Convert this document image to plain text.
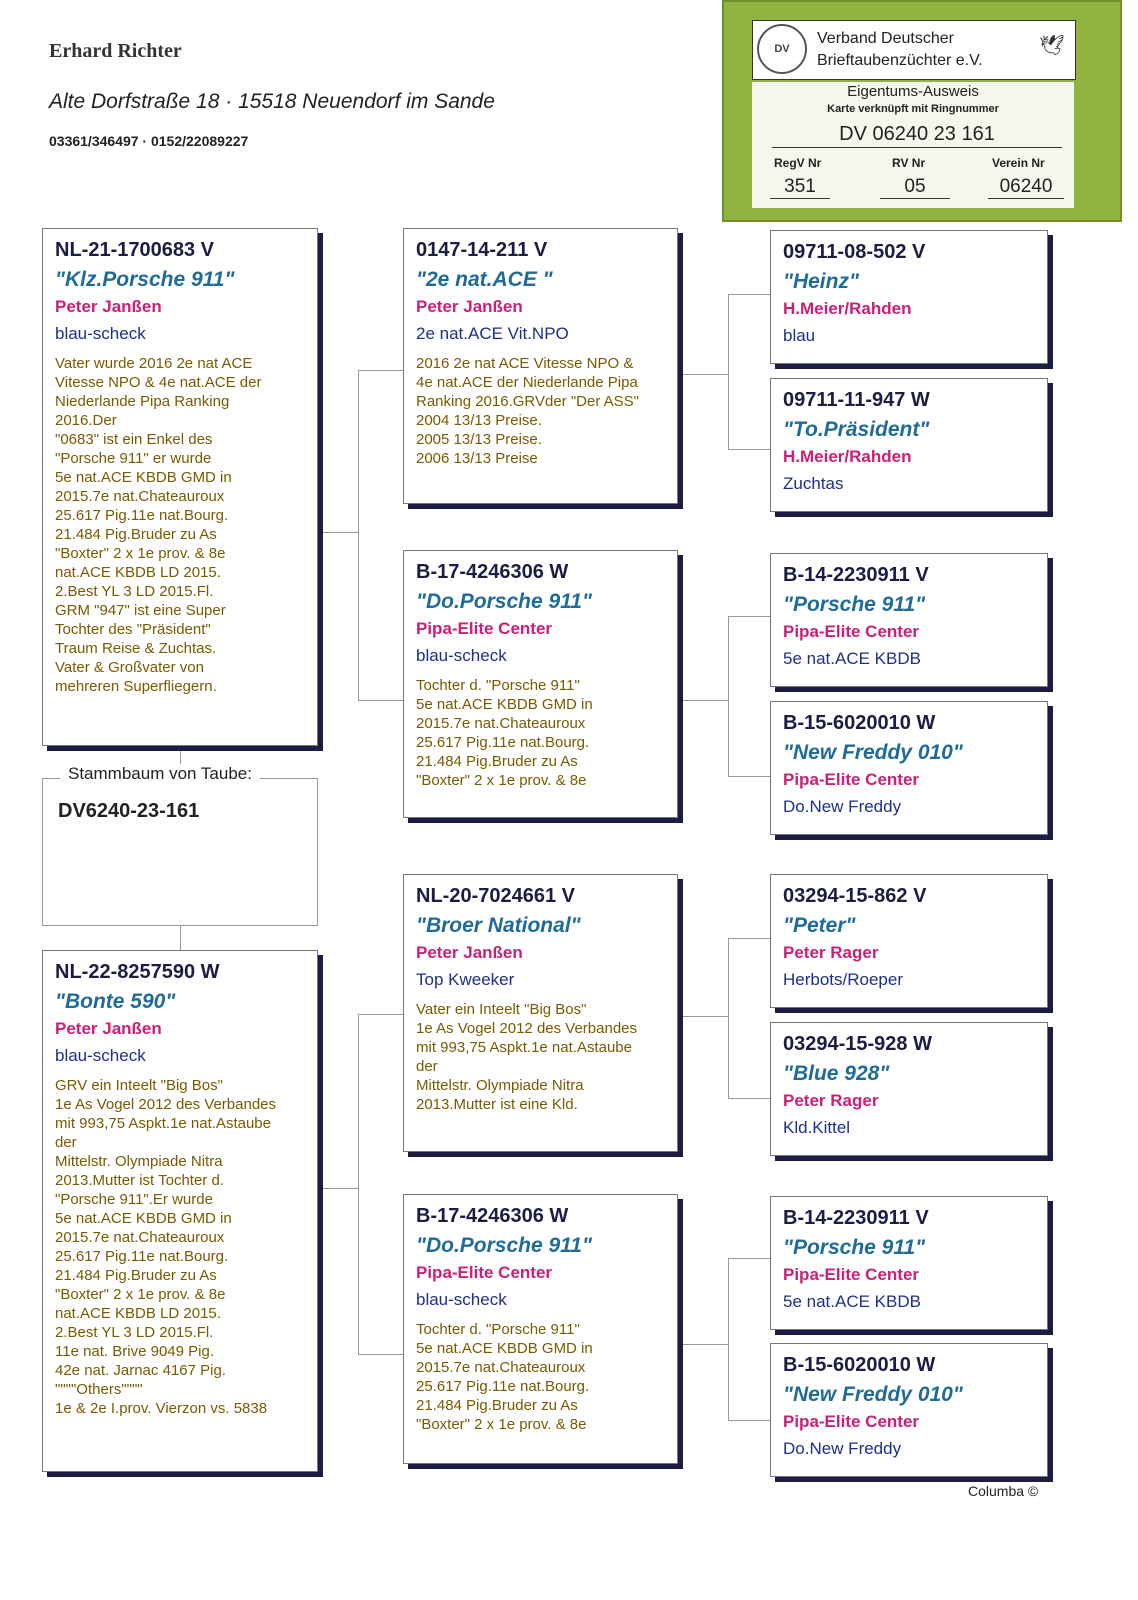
Erhard Richter
Alte Dorfstraße 18 · 15518 Neuendorf im Sande
03361/346497 · 0152/22089227
DV
Verband Deutscher
Brieftaubenzüchter e.V.
🕊
Eigentums-Ausweis
Karte verknüpft mit Ringnummer
DV 06240 23 161
RegV Nr	RV Nr	Verein Nr
351	05	06240
Stammbaum von Taube:
DV6240-23-161
NL-21-1700683 V
"Klz.Porsche 911"
Peter Janßen
blau-scheck
Vater wurde 2016 2e nat ACE
Vitesse NPO & 4e nat.ACE der
Niederlande Pipa Ranking
2016.Der
"0683" ist ein Enkel des
"Porsche 911" er wurde
5e nat.ACE KBDB GMD in
2015.7e nat.Chateauroux
25.617 Pig.11e nat.Bourg.
21.484 Pig.Bruder zu As
"Boxter" 2 x 1e prov. & 8e
nat.ACE KBDB LD 2015.
2.Best YL 3 LD 2015.Fl.
GRM "947" ist eine Super
Tochter des "Präsident"
Traum Reise & Zuchtas.
Vater & Großvater von
mehreren Superfliegern.
NL-22-8257590 W
"Bonte 590"
Peter Janßen
blau-scheck
GRV ein Inteelt "Big Bos"
1e As Vogel 2012 des Verbandes
mit 993,75 Aspkt.1e nat.Astaube
der
Mittelstr. Olympiade Nitra
2013.Mutter ist Tochter d.
"Porsche 911".Er wurde
5e nat.ACE KBDB GMD in
2015.7e nat.Chateauroux
25.617 Pig.11e nat.Bourg.
21.484 Pig.Bruder zu As
"Boxter" 2 x 1e prov. & 8e
nat.ACE KBDB LD 2015.
2.Best YL 3 LD 2015.Fl.
11e nat. Brive 9049 Pig.
42e nat. Jarnac 4167 Pig.
""""Others""""
1e & 2e I.prov. Vierzon vs. 5838
0147-14-211 V
"2e nat.ACE "
Peter Janßen
2e nat.ACE Vit.NPO
2016 2e nat ACE Vitesse NPO &
4e nat.ACE der Niederlande Pipa
Ranking 2016.GRVder "Der ASS"
2004 13/13 Preise.
2005 13/13 Preise.
2006 13/13 Preise
B-17-4246306 W
"Do.Porsche 911"
Pipa-Elite Center
blau-scheck
Tochter d. "Porsche 911"
5e nat.ACE KBDB GMD in
2015.7e nat.Chateauroux
25.617 Pig.11e nat.Bourg.
21.484 Pig.Bruder zu As
"Boxter" 2 x 1e prov. & 8e
NL-20-7024661 V
"Broer National"
Peter Janßen
Top Kweeker
Vater ein Inteelt "Big Bos"
1e As Vogel 2012 des Verbandes
mit 993,75 Aspkt.1e nat.Astaube
der
Mittelstr. Olympiade Nitra
2013.Mutter ist eine Kld.
B-17-4246306 W
"Do.Porsche 911"
Pipa-Elite Center
blau-scheck
Tochter d. "Porsche 911"
5e nat.ACE KBDB GMD in
2015.7e nat.Chateauroux
25.617 Pig.11e nat.Bourg.
21.484 Pig.Bruder zu As
"Boxter" 2 x 1e prov. & 8e
09711-08-502 V
"Heinz"
H.Meier/Rahden
blau
09711-11-947 W
"To.Präsident"
H.Meier/Rahden
Zuchtas
B-14-2230911 V
"Porsche 911"
Pipa-Elite Center
5e nat.ACE KBDB
B-15-6020010 W
"New Freddy 010"
Pipa-Elite Center
Do.New Freddy
03294-15-862 V
"Peter"
Peter Rager
Herbots/Roeper
03294-15-928 W
"Blue 928"
Peter Rager
Kld.Kittel
B-14-2230911 V
"Porsche 911"
Pipa-Elite Center
5e nat.ACE KBDB
B-15-6020010 W
"New Freddy 010"
Pipa-Elite Center
Do.New Freddy
Columba ©
